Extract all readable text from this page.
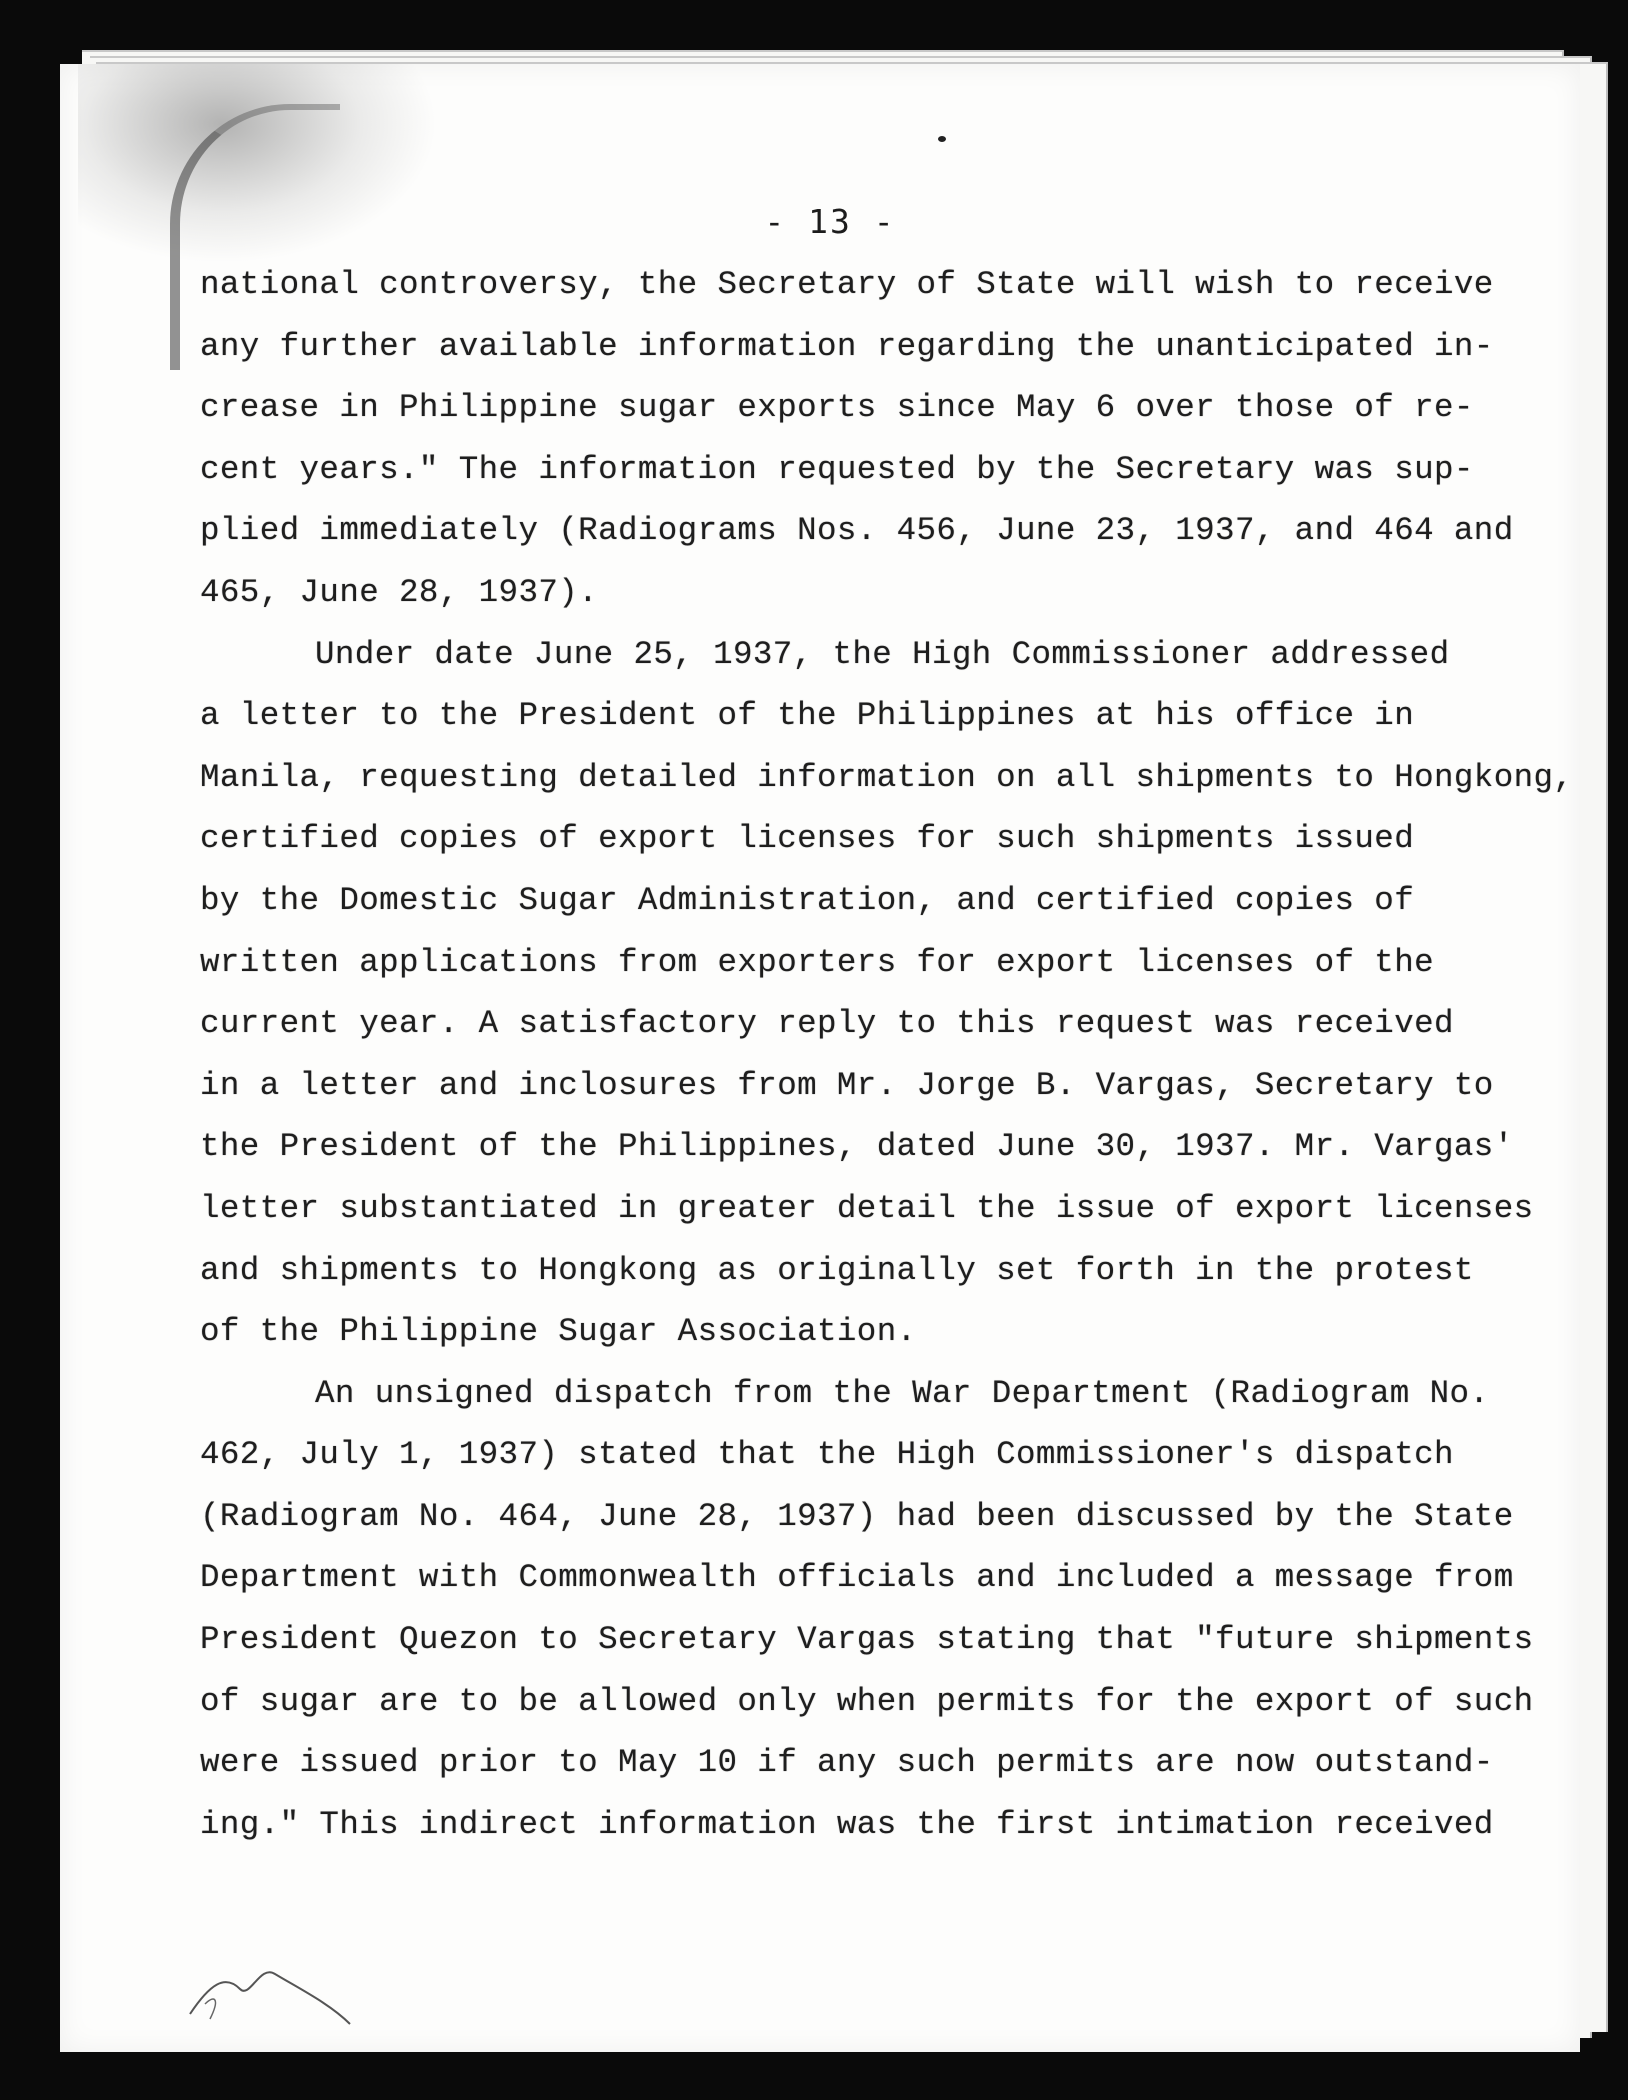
- 13 -

national controversy, the Secretary of State will wish to receive
any further available information regarding the unanticipated in-
crease in Philippine sugar exports since May 6 over those of re-
cent years." The information requested by the Secretary was sup-
plied immediately (Radiograms Nos. 456, June 23, 1937, and 464 and
465, June 28, 1937).

Under date June 25, 1937, the High Commissioner addressed
a letter to the President of the Philippines at his office in
Manila, requesting detailed information on all shipments to Hongkong,
certified copies of export licenses for such shipments issued
by the Domestic Sugar Administration, and certified copies of
written applications from exporters for export licenses of the
current year. A satisfactory reply to this request was received
in a letter and inclosures from Mr. Jorge B. Vargas, Secretary to
the President of the Philippines, dated June 30, 1937. Mr. Vargas'
letter substantiated in greater detail the issue of export licenses
and shipments to Hongkong as originally set forth in the protest
of the Philippine Sugar Association.

An unsigned dispatch from the War Department (Radiogram No.
462, July 1, 1937) stated that the High Commissioner's dispatch
(Radiogram No. 464, June 28, 1937) had been discussed by the State
Department with Commonwealth officials and included a message from
President Quezon to Secretary Vargas stating that "future shipments
of sugar are to be allowed only when permits for the export of such
were issued prior to May 10 if any such permits are now outstand-
ing." This indirect information was the first intimation received
